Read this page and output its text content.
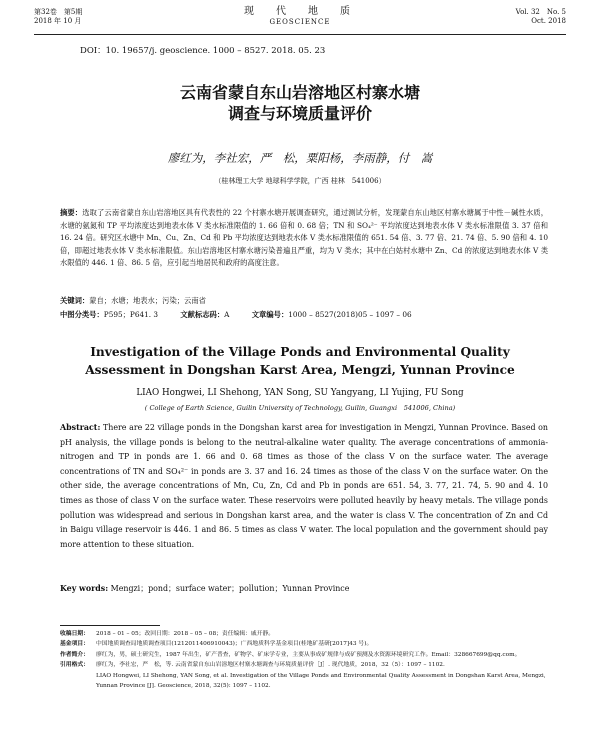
第32卷　第5期
2018 年 10 月
现　代　地　质
GEOSCIENCE
Vol. 32　No. 5
Oct. 2018
DOI：10. 19657/j. geoscience. 1000 – 8527. 2018. 05. 23
云南省蒙自东山岩溶地区村寨水塘
调查与环境质量评价
廖红为，李社宏，严　松，粟阳杨，李雨静，付　嵩
（桂林理工大学 地球科学学院，广西 桂林　541006）
摘要：选取了云南省蒙自东山岩溶地区具有代表性的 22 个村寨水塘开展调查研究，通过测试分析，发现蒙自东山地区村寨水塘属于中性－碱性水质，水塘的氨氮和 TP 平均浓度达到地表水体 V 类水标准限值的 1. 66 倍和 0. 68 倍；TN 和 SO₄²⁻ 平均浓度达到地表水体 V 类水标准限值 3. 37 倍和 16. 24 倍。研究区水塘中 Mn、Cu、Zn、Cd 和 Pb 平均浓度达到地表水体 V 类水标准限值的 651. 54 倍、3. 77 倍、21. 74 倍、5. 90 倍和 4. 10 倍，即超过地表水体 V 类水标准限值。东山岩溶地区村寨水塘污染普遍且严重，均为 V 类水；其中在白姑村水塘中 Zn、Cd 的浓度达到地表水体 V 类水限值的 446. 1 倍、86. 5 倍，应引起当地居民和政府的高度注意。
关键词：蒙自；水塘；地表水；污染；云南省
中图分类号：P595；P641. 3	文献标志码：A	文章编号：1000 – 8527(2018)05 – 1097 – 06
Investigation of the Village Ponds and Environmental Quality
Assessment in Dongshan Karst Area, Mengzi, Yunnan Province
LIAO Hongwei, LI Shehong, YAN Song, SU Yangyang, LI Yujing, FU Song
( College of Earth Science, Guilin University of Technology, Guilin, Guangxi　541006, China)
Abstract: There are 22 village ponds in the Dongshan karst area for investigation in Mengzi, Yunnan Province. Based on pH analysis, the village ponds is belong to the neutral-alkaline water quality. The average concentrations of ammonia-nitrogen and TP in ponds are 1. 66 and 0. 68 times as those of the class V on the surface water. The average concentrations of TN and SO₄²⁻ in ponds are 3. 37 and 16. 24 times as those of the class V on the surface water. On the other side, the average concentrations of Mn, Cu, Zn, Cd and Pb in ponds are 651. 54, 3. 77, 21. 74, 5. 90 and 4. 10 times as those of class V on the surface water. These reservoirs were polluted heavily by heavy metals. The village ponds pollution was widespread and serious in Dongshan karst area, and the water is class V. The concentration of Zn and Cd in Baigu village reservoir is 446. 1 and 86. 5 times as class V water. The local population and the government should pay more attention to these situation.
Key words: Mengzi；pond；surface water；pollution；Yunnan Province
收稿日期：	2018 – 01 – 05；改回日期：2018 – 05 – 08；责任编辑：戚开静。
基金项目：	中国地质调查局地质调查项目(1212011406910043)；广西地质科学基金项目(桂地矿基研[2017]43 号)。
作者简介：	廖红为，男，硕士研究生，1987 年出生，矿产普查，矿物学、矿床学专业，主要从事成矿规律与成矿预测及水资源环境研究工作。Email：328667699@qq.com。
引用格式：	廖红为，李社宏，严　松，等. 云南省蒙自东山岩溶地区村寨水塘调查与环境质量评价［J］. 现代地质，2018，32（5）：1097 – 1102.
LIAO Hongwei, LI Shehong, YAN Song, et al. Investigation of the Village Ponds and Environmental Quality Assessment in Dongshan Karst Area, Mengzi, Yunnan Province [J]. Geoscience, 2018, 32(5): 1097 – 1102.
